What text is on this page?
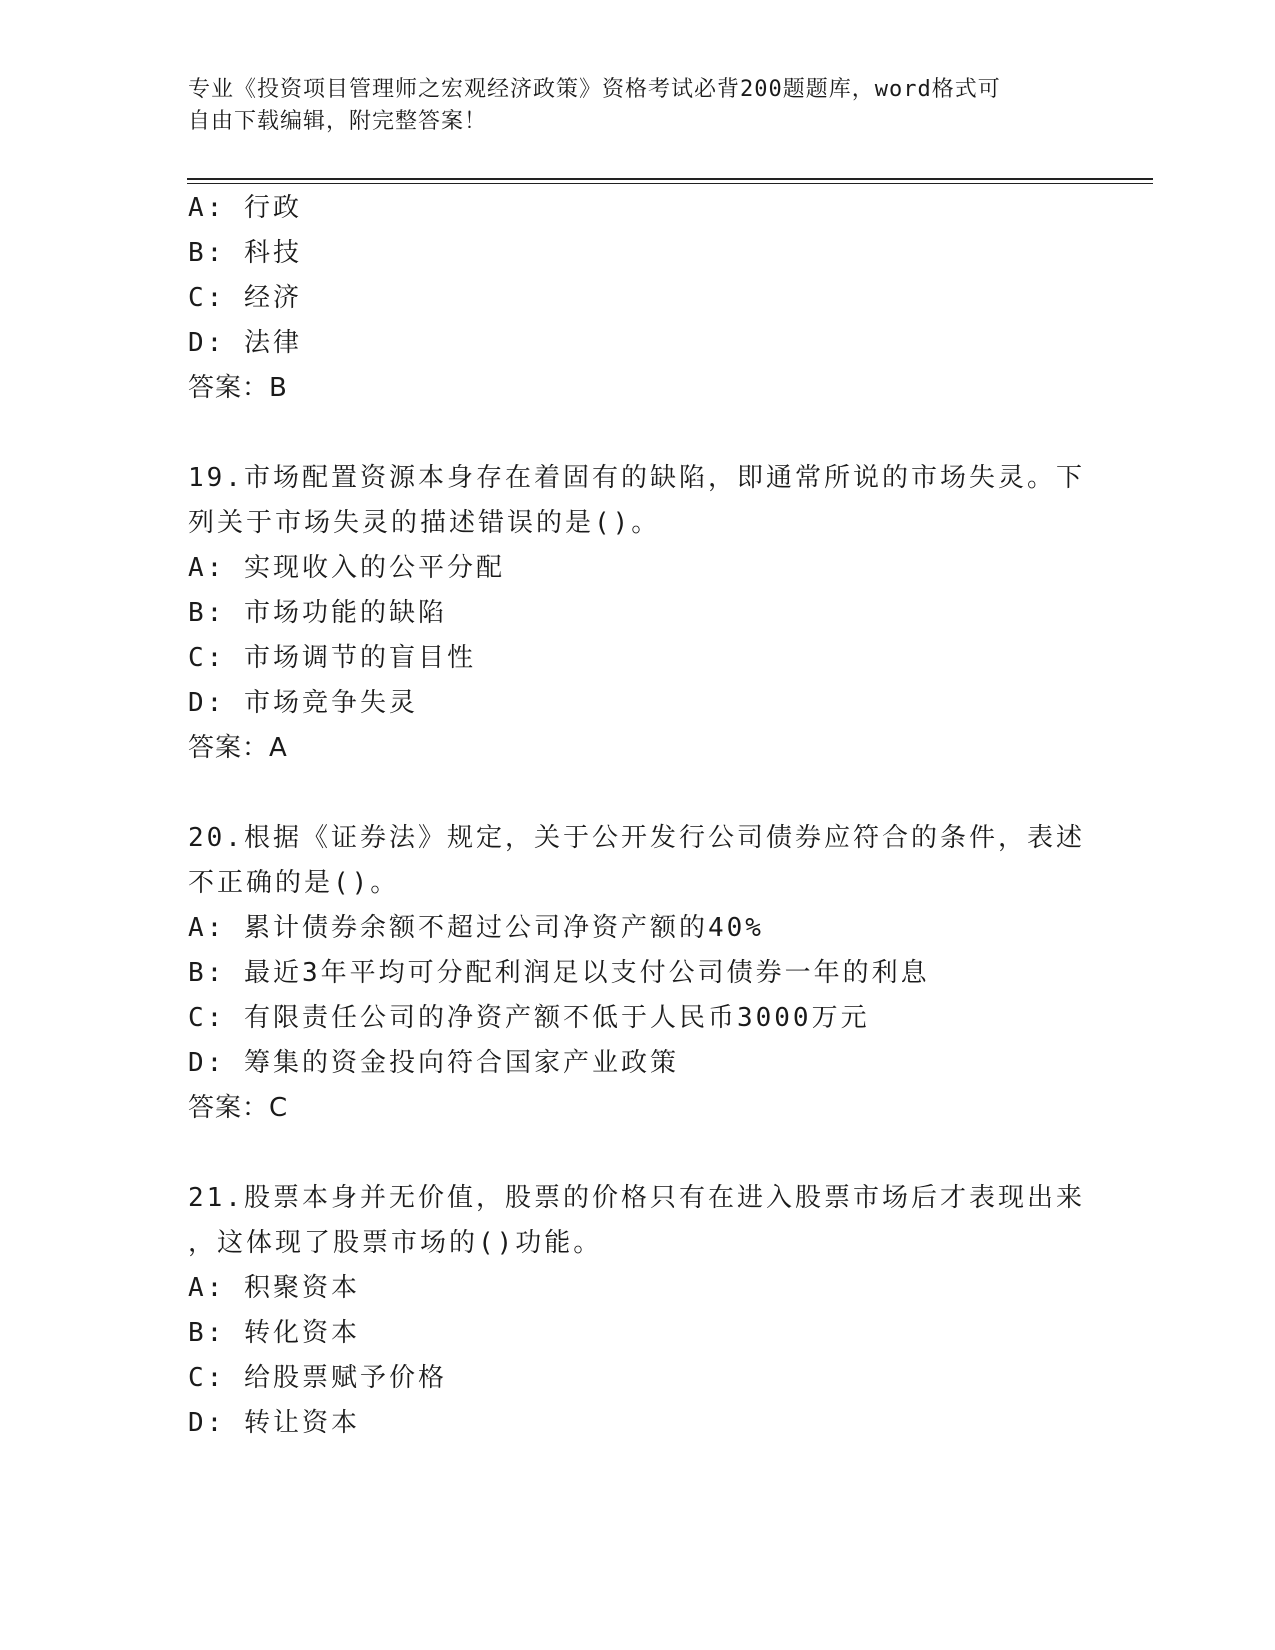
专业《投资项目管理师之宏观经济政策》资格考试必背200题题库，word格式可
自由下载编辑，附完整答案！
A: 行政
B: 科技
C: 经济
D: 法律
答案：B
19.市场配置资源本身存在着固有的缺陷，即通常所说的市场失灵。下
列关于市场失灵的描述错误的是()。
A: 实现收入的公平分配
B: 市场功能的缺陷
C: 市场调节的盲目性
D: 市场竞争失灵
答案：A
20.根据《证券法》规定，关于公开发行公司债券应符合的条件，表述
不正确的是()。
A: 累计债券余额不超过公司净资产额的40%
B: 最近3年平均可分配利润足以支付公司债券一年的利息
C: 有限责任公司的净资产额不低于人民币3000万元
D: 筹集的资金投向符合国家产业政策
答案：C
21.股票本身并无价值，股票的价格只有在进入股票市场后才表现出来
，这体现了股票市场的()功能。
A: 积聚资本
B: 转化资本
C: 给股票赋予价格
D: 转让资本
